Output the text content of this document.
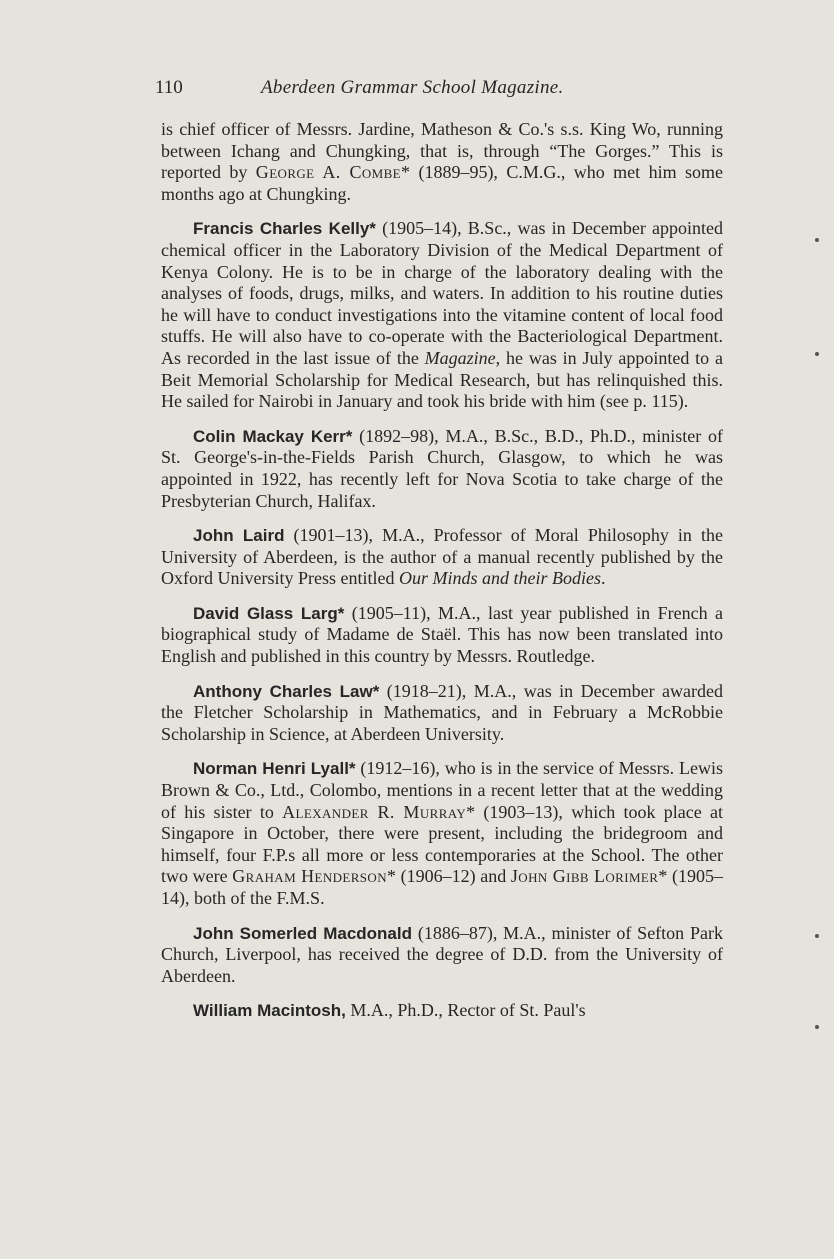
110	Aberdeen Grammar School Magazine.

is chief officer of Messrs. Jardine, Matheson & Co.'s s.s. King Wo, running between Ichang and Chungking, that is, through “The Gorges.” This is reported by George A. Combe* (1889–95), C.M.G., who met him some months ago at Chungking.

Francis Charles Kelly* (1905–14), B.Sc., was in December appointed chemical officer in the Laboratory Division of the Medical Department of Kenya Colony. He is to be in charge of the laboratory dealing with the analyses of foods, drugs, milks, and waters. In addition to his routine duties he will have to conduct investigations into the vitamine content of local food stuffs. He will also have to co-operate with the Bacteriological Department. As recorded in the last issue of the Magazine, he was in July appointed to a Beit Memorial Scholarship for Medical Research, but has relinquished this. He sailed for Nairobi in January and took his bride with him (see p. 115).

Colin Mackay Kerr* (1892–98), M.A., B.Sc., B.D., Ph.D., minister of St. George's-in-the-Fields Parish Church, Glasgow, to which he was appointed in 1922, has recently left for Nova Scotia to take charge of the Presbyterian Church, Halifax.

John Laird (1901–13), M.A., Professor of Moral Philosophy in the University of Aberdeen, is the author of a manual recently published by the Oxford University Press entitled Our Minds and their Bodies.

David Glass Larg* (1905–11), M.A., last year published in French a biographical study of Madame de Staël. This has now been translated into English and published in this country by Messrs. Routledge.

Anthony Charles Law* (1918–21), M.A., was in December awarded the Fletcher Scholarship in Mathematics, and in February a McRobbie Scholarship in Science, at Aberdeen University.

Norman Henri Lyall* (1912–16), who is in the service of Messrs. Lewis Brown & Co., Ltd., Colombo, mentions in a recent letter that at the wedding of his sister to Alexander R. Murray* (1903–13), which took place at Singapore in October, there were present, including the bridegroom and himself, four F.P.s all more or less contemporaries at the School. The other two were Graham Henderson* (1906–12) and John Gibb Lorimer* (1905–14), both of the F.M.S.

John Somerled Macdonald (1886–87), M.A., minister of Sefton Park Church, Liverpool, has received the degree of D.D. from the University of Aberdeen.

William Macintosh, M.A., Ph.D., Rector of St. Paul's
